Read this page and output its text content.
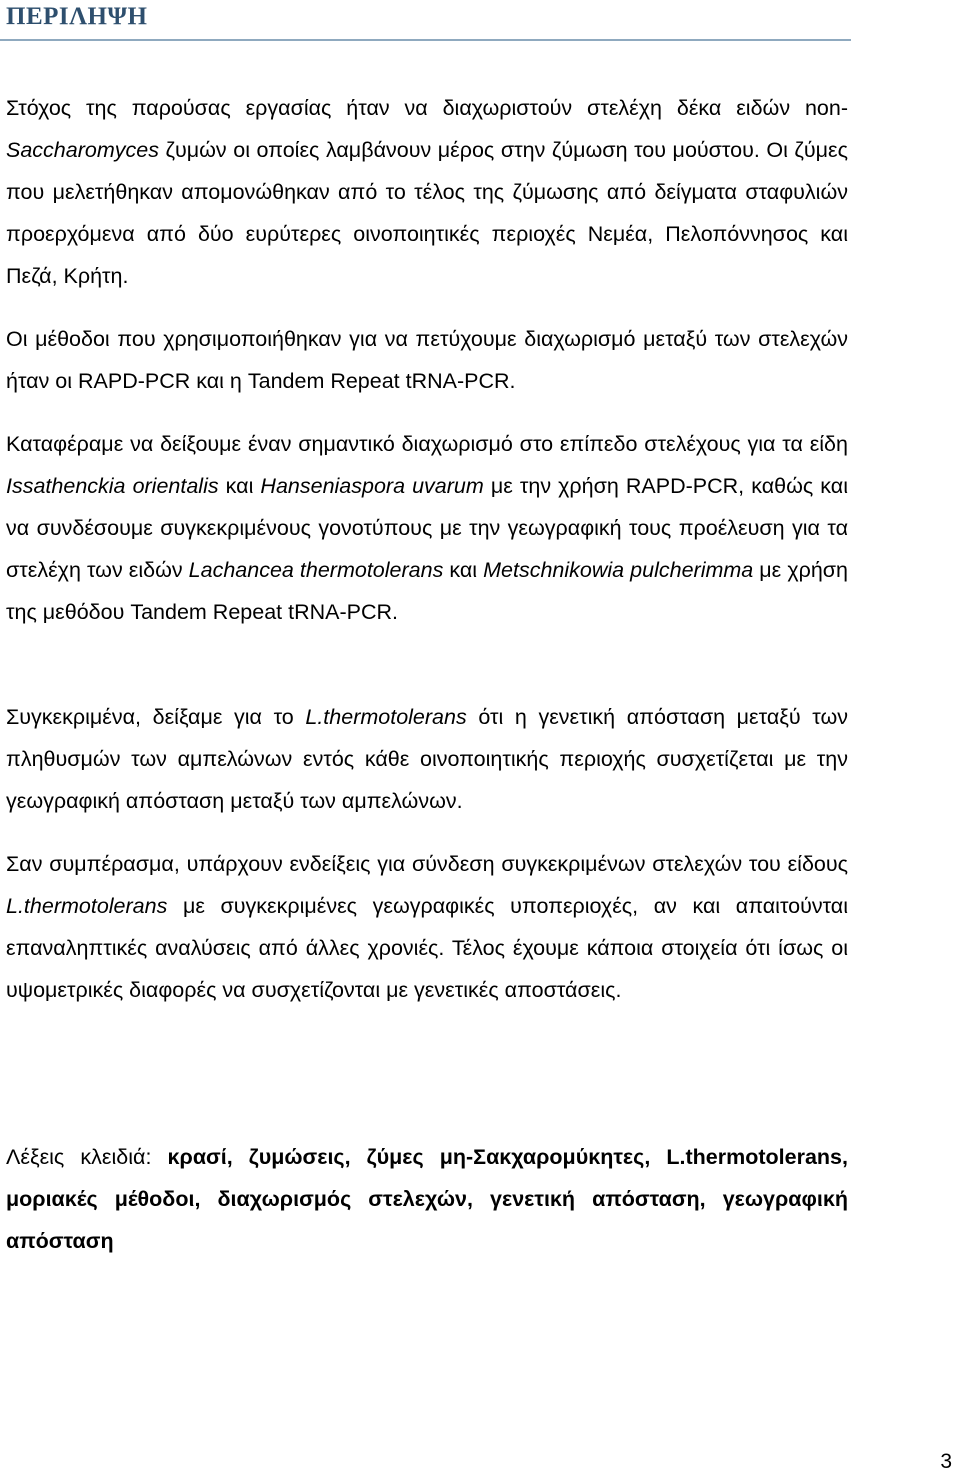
ΠΕΡΙΛΗΨΗ

Στόχος της παρούσας εργασίας ήταν να διαχωριστούν στελέχη δέκα ειδών non-Saccharomyces ζυμών οι οποίες λαμβάνουν μέρος στην ζύμωση του μούστου. Οι ζύμες που μελετήθηκαν απομονώθηκαν από το τέλος της ζύμωσης από δείγματα σταφυλιών προερχόμενα από δύο ευρύτερες οινοποιητικές περιοχές Νεμέα, Πελοπόννησος και Πεζά, Κρήτη.

Οι μέθοδοι που χρησιμοποιήθηκαν για να πετύχουμε διαχωρισμό μεταξύ των στελεχών ήταν οι RAPD-PCR και η Tandem Repeat tRNA-PCR.

Καταφέραμε να δείξουμε έναν σημαντικό διαχωρισμό στο επίπεδο στελέχους για τα είδη Issathenckia orientalis και Hanseniaspora uvarum με την χρήση RAPD-PCR, καθώς και να συνδέσουμε συγκεκριμένους γονοτύπους με την γεωγραφική τους προέλευση για τα στελέχη των ειδών Lachancea thermotolerans και Metschnikowia pulcherimma με χρήση της μεθόδου Tandem Repeat tRNA-PCR.

Συγκεκριμένα, δείξαμε για το L.thermotolerans ότι η γενετική απόσταση μεταξύ των πληθυσμών των αμπελώνων εντός κάθε οινοποιητικής περιοχής συσχετίζεται με την γεωγραφική απόσταση μεταξύ των αμπελώνων.

Σαν συμπέρασμα, υπάρχουν ενδείξεις για σύνδεση συγκεκριμένων στελεχών του είδους L.thermotolerans με συγκεκριμένες γεωγραφικές υποπεριοχές, αν και απαιτούνται επαναληπτικές αναλύσεις από άλλες χρονιές. Τέλος έχουμε κάποια στοιχεία ότι ίσως οι υψομετρικές διαφορές να συσχετίζονται με γενετικές αποστάσεις.

Λέξεις κλειδιά: κρασί, ζυμώσεις, ζύμες μη-Σακχαρομύκητες, L.thermotolerans, μοριακές μέθοδοι, διαχωρισμός στελεχών, γενετική απόσταση, γεωγραφική απόσταση

3
